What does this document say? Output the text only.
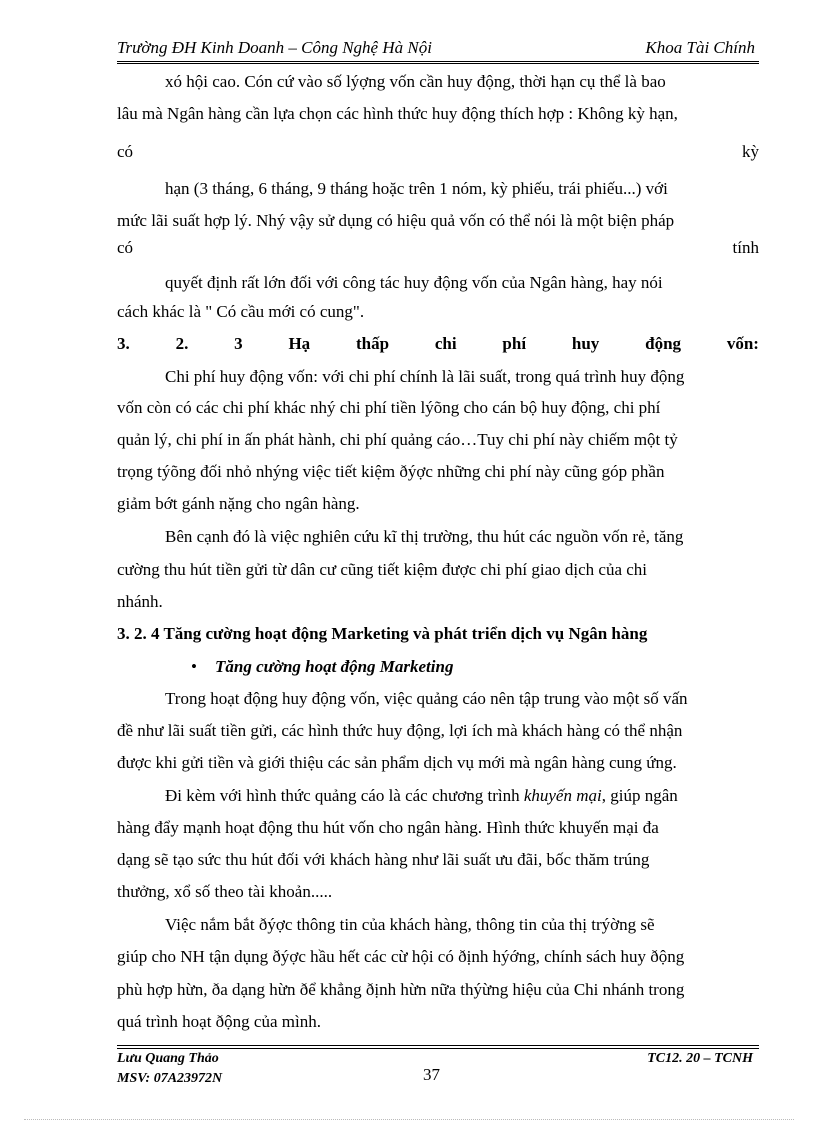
Trường ĐH Kinh Doanh – Công Nghệ Hà Nội	Khoa Tài Chính
xó hội cao. Cón cứ vào số lýợng vốn cần huy động, thời hạn cụ thể là bao
lâu mà Ngân hàng cần lựa chọn các hình thức huy động thích hợp : Không kỳ hạn,
có	kỳ
hạn (3 tháng, 6 tháng, 9 tháng hoặc trên 1 nóm, kỳ phiếu, trái phiếu...) với
mức lãi suất hợp lý. Nhý vậy sử dụng có hiệu quả vốn có thể nói là một biện pháp
có	tính
quyết định rất lớn đối với công tác huy động vốn của Ngân hàng, hay nói
cách khác là " Có cầu mới có cung".
3.	2.	3	Hạ	thấp	chi	phí	huy	động	vốn:
Chi phí huy động vốn: với chi phí chính là lãi suất, trong quá trình huy động
vốn còn có các chi phí khác nhý chi phí tiền lýõng cho cán bộ huy động, chi phí
quản lý, chi phí in ấn phát hành, chi phí quảng cáo…Tuy chi phí này chiếm một tỷ
trọng týõng đối nhỏ nhýng việc tiết kiệm ðýợc những chi phí này cũng góp phần
giảm bớt gánh nặng cho ngân hàng.
Bên cạnh đó là việc nghiên cứu kĩ thị trường, thu hút các nguồn vốn rẻ, tăng
cường thu hút tiền gửi từ dân cư cũng tiết kiệm được chi phí giao dịch của chi
nhánh.
3. 2. 4 Tăng cường hoạt động Marketing và phát triển dịch vụ Ngân hàng
• Tăng cường hoạt động Marketing
Trong hoạt động huy động vốn, việc quảng cáo nên tập trung vào một số vấn
đề như lãi suất tiền gửi, các hình thức huy động, lợi ích mà khách hàng có thể nhận
được khi gửi tiền và giới thiệu các sản phẩm dịch vụ mới mà ngân hàng cung ứng.
Đi kèm với hình thức quảng cáo là các chương trình khuyến mại, giúp ngân
hàng đẩy mạnh hoạt động thu hút vốn cho ngân hàng. Hình thức khuyến mại đa
dạng sẽ tạo sức thu hút đối với khách hàng như lãi suất ưu đãi, bốc thăm trúng
thưởng, xổ số theo tài khoản.....
Việc nắm bắt ðýợc thông tin của khách hàng, thông tin của thị trýờng sẽ
giúp cho NH tận dụng ðýợc hầu hết các cừ hội có ðịnh hýớng, chính sách huy ðộng
phù hợp hừn, ða dạng hừn ðể khẳng ðịnh hừn nữa thýừng hiệu của Chi nhánh trong
quá trình hoạt ðộng của mình.
Lưu Quang Thảo
MSV: 07A23972N	37
TC12. 20 – TCNH
